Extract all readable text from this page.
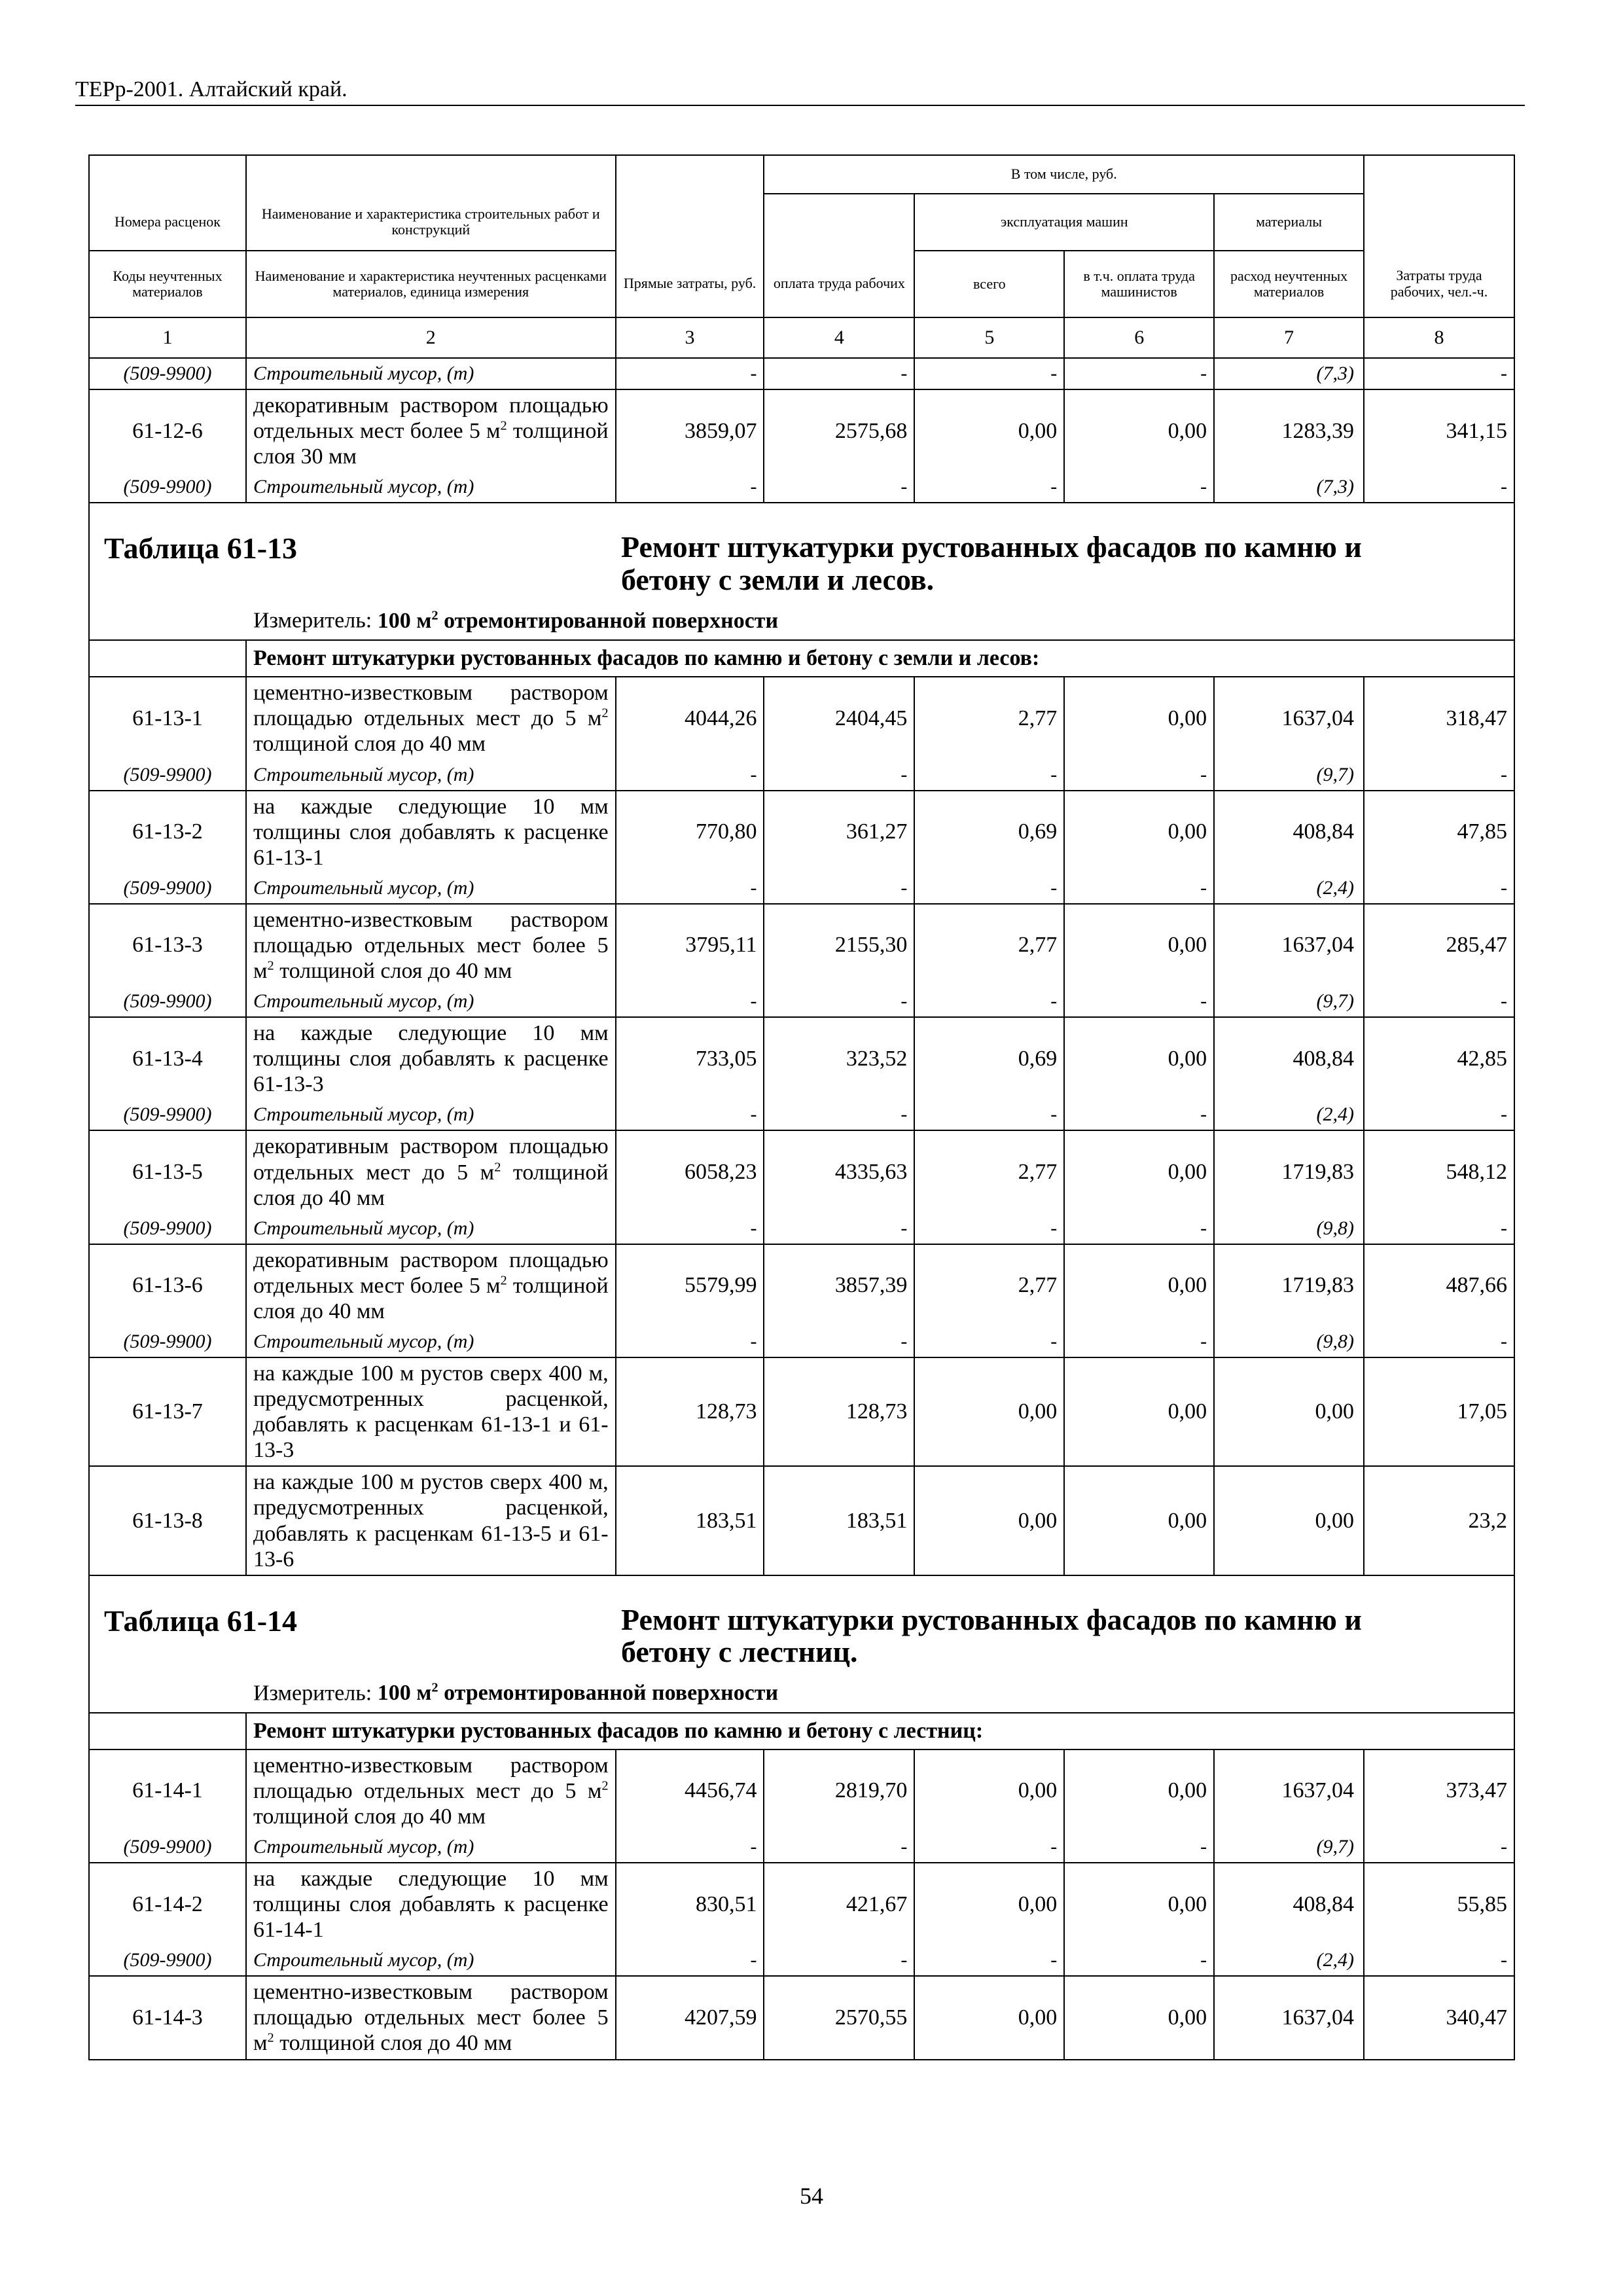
ТЕРр-2001. Алтайский край.
			В том числе, руб.				
Номера расценок	Наименование и характеристика строительных работ и конструкций			эксплуатация машин		материалы	
Коды неучтенных материалов	Наименование и характеристика неучтенных расценками материалов, единица измерения	Прямые затраты, руб.	оплата труда рабочих	всего	в т.ч. оплата труда машинистов	расход неучтенных материалов	Затраты труда рабочих, чел.-ч.
1	2	3	4	5	6	7	8
(509-9900)	Строительный мусор, (т)	-	-	-	-	(7,3)	-
61-12-6	декоративным раствором площадью отдельных мест более 5 $м^2$ толщиной слоя 30 мм	3859,07	2575,68	0,00	0,00	1283,39	341,15
(509-9900)	Строительный мусор, (т)	-	-	-	-	(7,3)	-

Таблица 61-13 Ремонт штукатурки рустованных фасадов по камню и бетону с земли и лесов.
Измеритель: 100 $м^2$ отремонтированной поверхности							

	Ремонт штукатурки рустованных фасадов по камню и бетону с земли и лесов:						
61-13-1	цементно-известковым раствором площадью отдельных мест до 5 $м^2$ толщиной слоя до 40 мм	4044,26	2404,45	2,77	0,00	1637,04	318,47
(509-9900)	Строительный мусор, (т)	-	-	-	-	(9,7)	-
61-13-2	на каждые следующие 10 мм толщины слоя добавлять к расценке 61-13-1	770,80	361,27	0,69	0,00	408,84	47,85
(509-9900)	Строительный мусор, (т)	-	-	-	-	(2,4)	-
61-13-3	цементно-известковым раствором площадью отдельных мест более 5 $м^2$ толщиной слоя до 40 мм	3795,11	2155,30	2,77	0,00	1637,04	285,47
(509-9900)	Строительный мусор, (т)	-	-	-	-	(9,7)	-
61-13-4	на каждые следующие 10 мм толщины слоя добавлять к расценке 61-13-3	733,05	323,52	0,69	0,00	408,84	42,85
(509-9900)	Строительный мусор, (т)	-	-	-	-	(2,4)	-
61-13-5	декоративным раствором площадью отдельных мест до 5 $м^2$ толщиной слоя до 40 мм	6058,23	4335,63	2,77	0,00	1719,83	548,12
(509-9900)	Строительный мусор, (т)	-	-	-	-	(9,8)	-
61-13-6	декоративным раствором площадью отдельных мест более 5 $м^2$ толщиной слоя до 40 мм	5579,99	3857,39	2,77	0,00	1719,83	487,66
(509-9900)	Строительный мусор, (т)	-	-	-	-	(9,8)	-
61-13-7	на каждые 100 м рустов сверх 400 м, предусмотренных расценкой, добавлять к расценкам 61-13-1 и 61-13-3	128,73	128,73	0,00	0,00	0,00	17,05
61-13-8	на каждые 100 м рустов сверх 400 м, предусмотренных расценкой, добавлять к расценкам 61-13-5 и 61-13-6	183,51	183,51	0,00	0,00	0,00	23,2

Таблица 61-14 Ремонт штукатурки рустованных фасадов по камню и бетону с лестниц.
Измеритель: 100 $м^2$ отремонтированной поверхности							

	Ремонт штукатурки рустованных фасадов по камню и бетону с лестниц:						
61-14-1	цементно-известковым раствором площадью отдельных мест до 5 $м^2$ толщиной слоя до 40 мм	4456,74	2819,70	0,00	0,00	1637,04	373,47
(509-9900)	Строительный мусор, (т)	-	-	-	-	(9,7)	-
61-14-2	на каждые следующие 10 мм толщины слоя добавлять к расценке 61-14-1	830,51	421,67	0,00	0,00	408,84	55,85
(509-9900)	Строительный мусор, (т)	-	-	-	-	(2,4)	-
61-14-3	цементно-известковым раствором площадью отдельных мест более 5 $м^2$ толщиной слоя до 40 мм	4207,59	2570,55	0,00	0,00	1637,04	340,47
54
